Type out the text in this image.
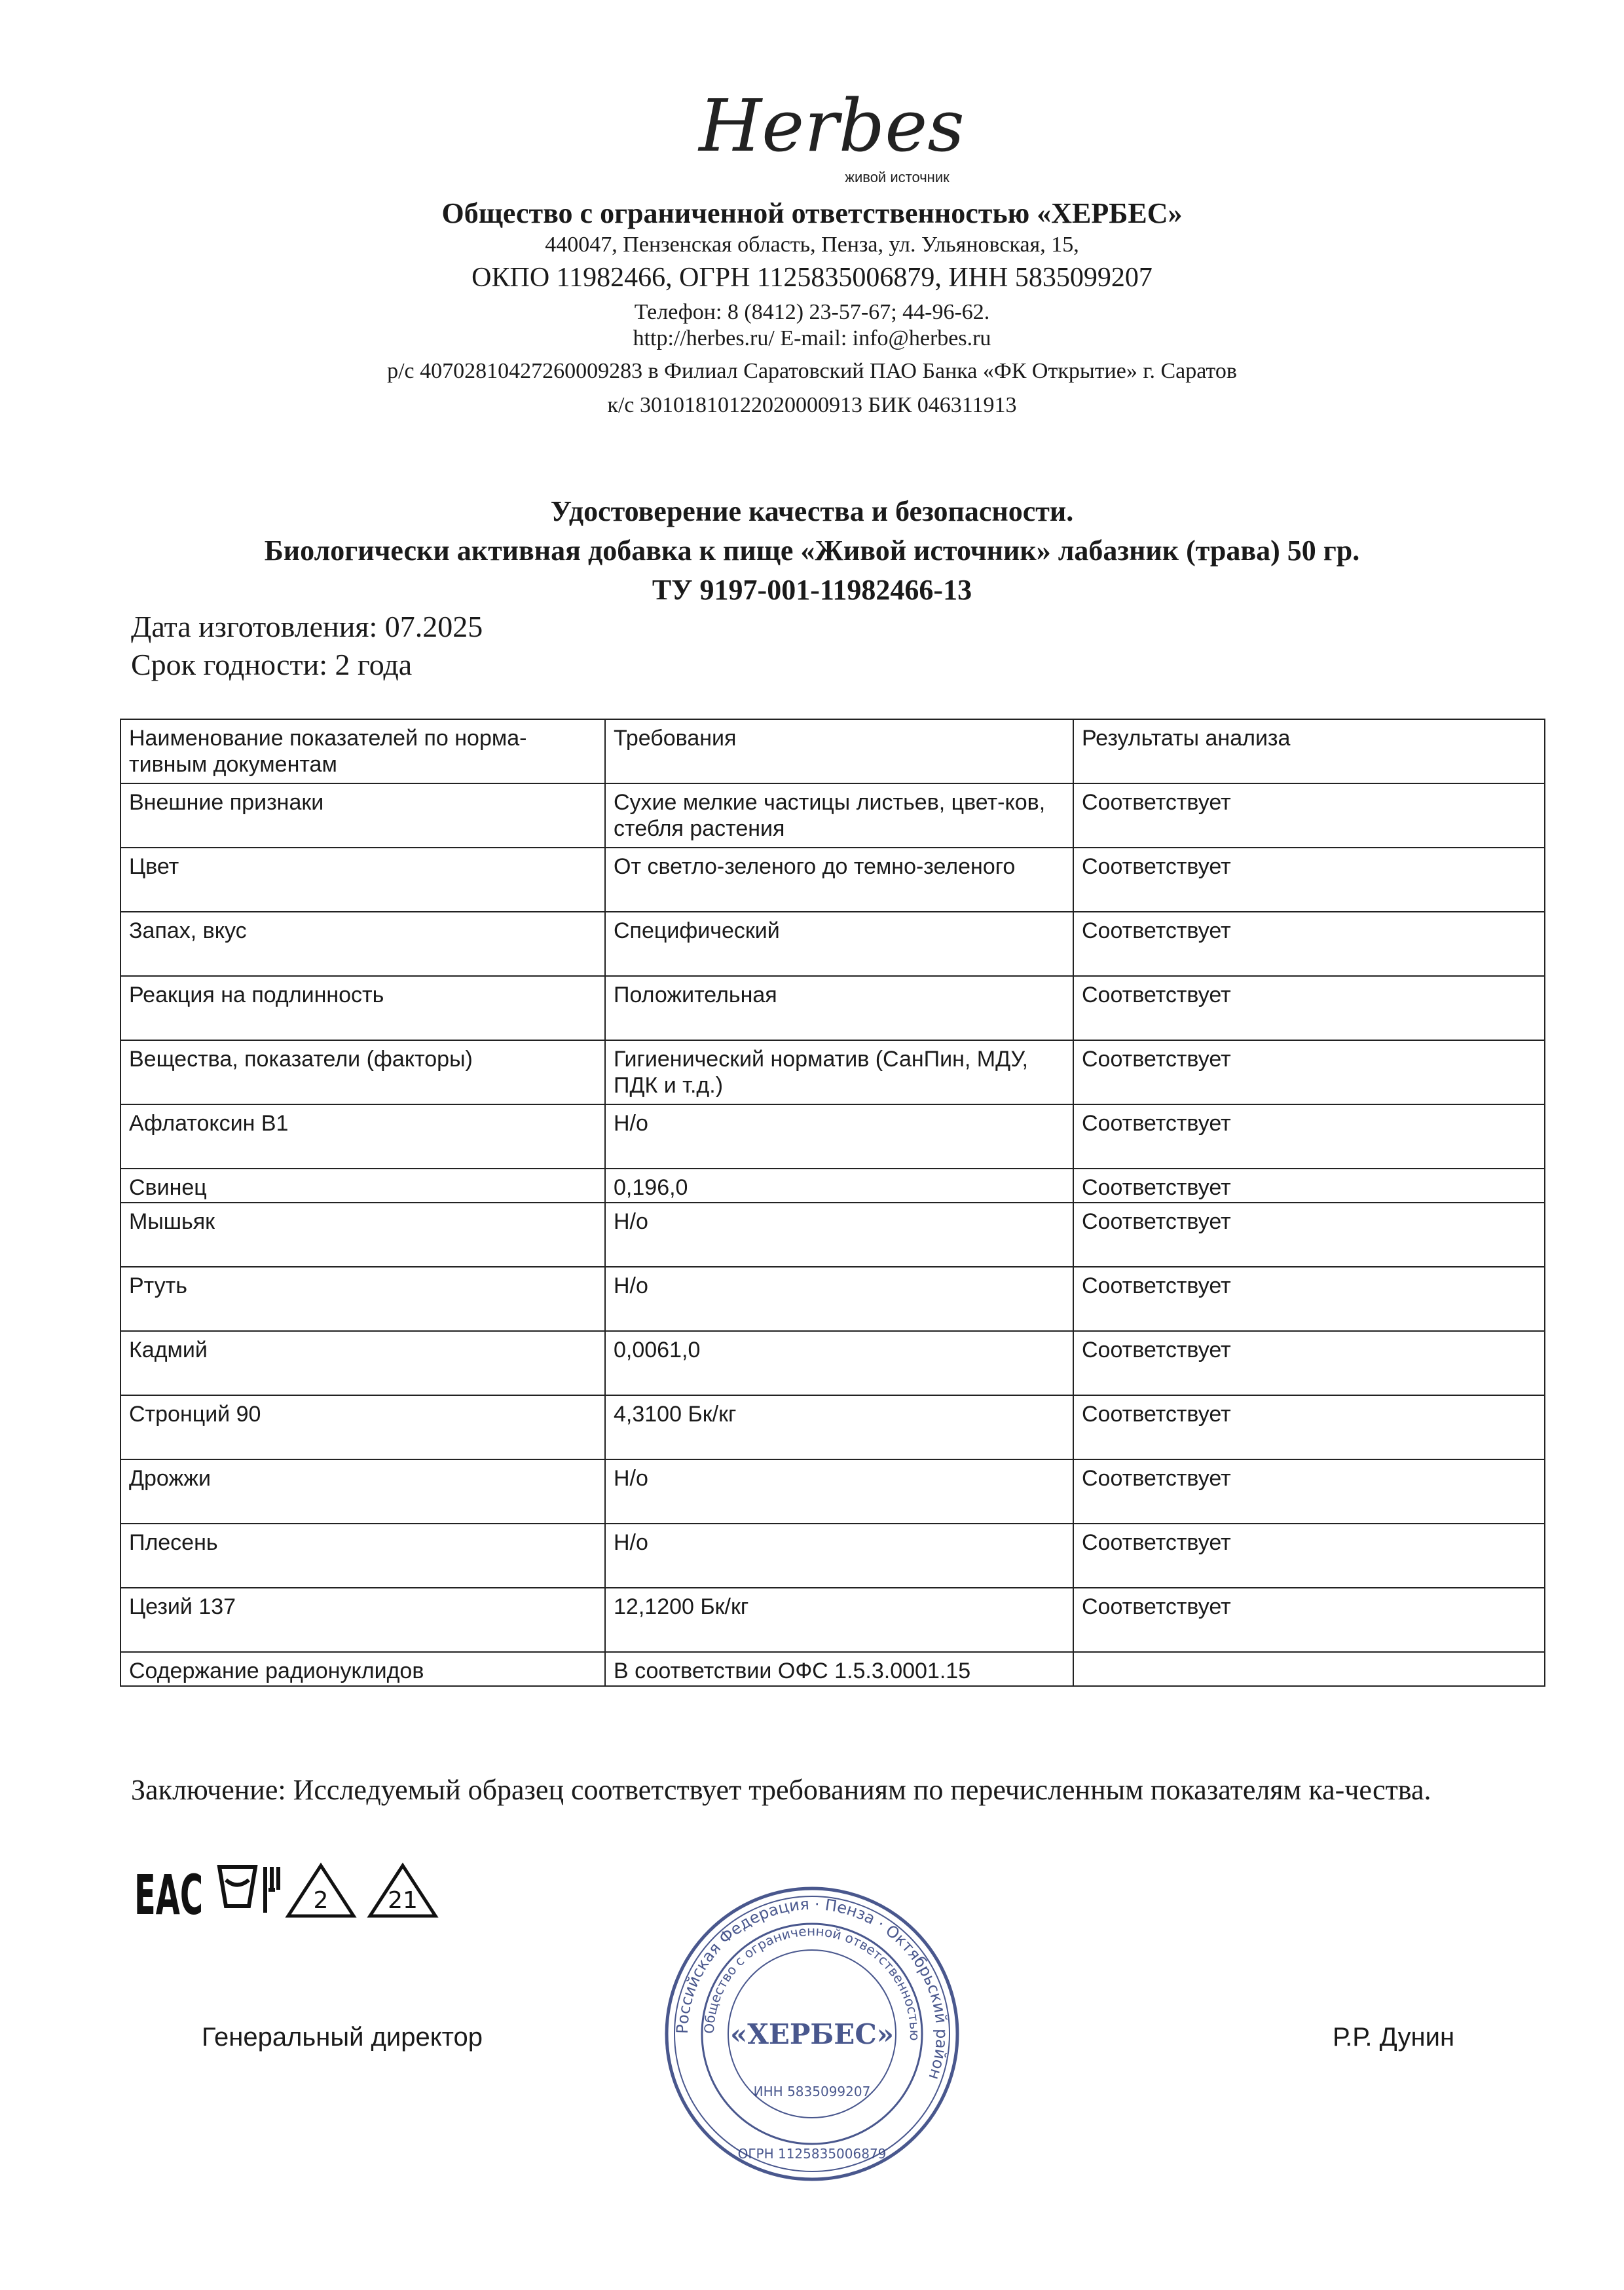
Herbes
живой источник
Общество с ограниченной ответственностью «ХЕРБЕС»
440047, Пензенская область, Пенза, ул. Ульяновская, 15,
ОКПО 11982466, ОГРН 1125835006879, ИНН 5835099207
Телефон: 8 (8412) 23-57-67; 44-96-62.
http://herbes.ru/ E-mail: info@herbes.ru
р/с 40702810427260009283 в Филиал Саратовский ПАО Банка «ФК Открытие» г. Саратов
к/с 30101810122020000913 БИК 046311913
Удостоверение качества и безопасности.
Биологически активная добавка к пище «Живой источник» лабазник (трава) 50 гр.
ТУ 9197-001-11982466-13
Дата изготовления: 07.2025
Срок годности: 2 года
Наименование показателей по норма-тивным документам	Требования	Результаты анализа
Внешние признаки	Сухие мелкие частицы листьев, цвет-ков, стебля растения	Соответствует
Цвет	От светло-зеленого до темно-зеленого	Соответствует
Запах, вкус	Специфический	Соответствует
Реакция на подлинность	Положительная	Соответствует
Вещества, показатели (факторы)	Гигиенический норматив (СанПин, МДУ, ПДК и т.д.)	Соответствует
Афлатоксин В1	Н/о	Соответствует
Свинец	0,196,0	Соответствует
Мышьяк	Н/о	Соответствует
Ртуть	Н/о	Соответствует
Кадмий	0,0061,0	Соответствует
Стронций 90	4,3100 Бк/кг	Соответствует
Дрожжи	Н/о	Соответствует
Плесень	Н/о	Соответствует
Цезий 137	12,1200 Бк/кг	Соответствует
Содержание радионуклидов	В соответствии ОФС 1.5.3.0001.15	
Заключение: Исследуемый образец соответствует требованиям по перечисленным показателям ка-чества.
ЕАС	2	21
Генеральный директор	Р.Р. Дунин
Российская Федерация · Пенза · Октябрьский район
Общество с ограниченной ответственностью
«ХЕРБЕС»
ИНН 5835099207
ОГРН 1125835006879
